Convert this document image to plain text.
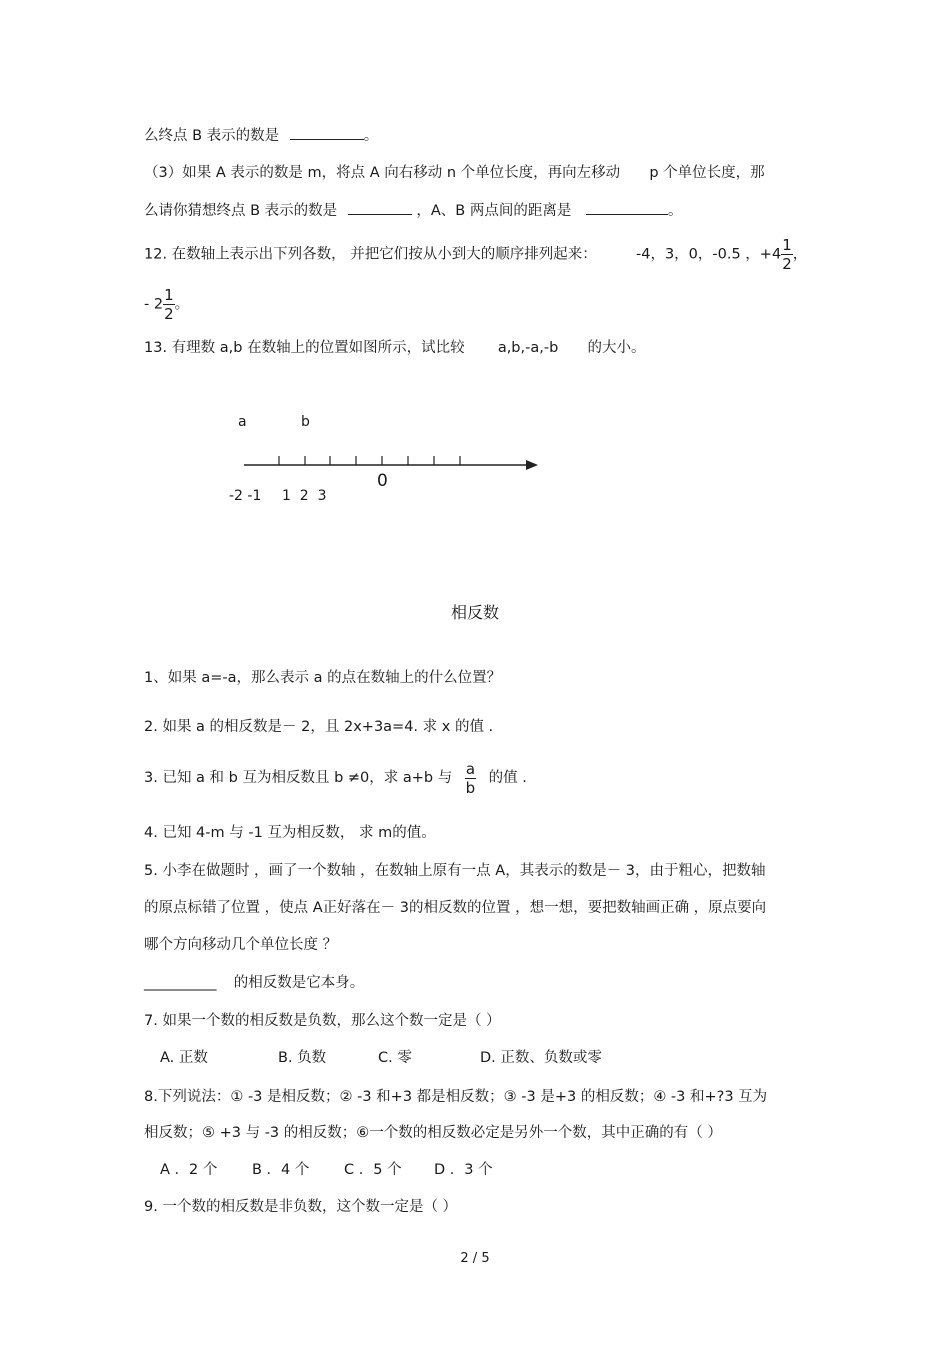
么终点 B 表示的数是	。
（3）如果 A 表示的数是 m，将点 A 向右移动 n 个单位长度，再向左移动 p 个单位长度，那
么请你猜想终点 B 表示的数是	，A、B 两点间的距离是	。
12. 在数轴上表示出下列各数， 并把它们按从小到大的顺序排列起来：	-4，3，0，-0.5 ，$+4 \frac{1}{2}$ ，
- $2 \frac{1}{2}$ 。
13. 有理数 a,b 在数轴上的位置如图所示，试比较 a,b,-a,-b 的大小。
a	b
0
-2 -1 1  2  3
相反数
1、如果 a=-a，那么表示 a 的点在数轴上的什么位置？
2. 如果 a 的相反数是－ 2，且 2x+3a=4. 求 x 的值 .
3. 已知 a 和 b 互为相反数且 b ≠0，求 a+b 与 $\frac{a}{b}$ 的值 .
4. 已知 4-m 与 -1 互为相反数， 求 m的值。
5. 小李在做题时 ，画了一个数轴 ，在数轴上原有一点 A，其表示的数是－ 3，由于粗心，把数轴
的原点标错了位置 ，使点 A正好落在－ 3的相反数的位置 ，想一想，要把数轴画正确 ，原点要向
哪个方向移动几个单位长度 ？
__________ 的相反数是它本身。
7. 如果一个数的相反数是负数，那么这个数一定是（ ）
A. 正数	B. 负数	C. 零	D. 正数、负数或零
8.下列说法：① -3 是相反数；② -3 和+3 都是相反数；③ -3 是+3 的相反数；④ -3 和+?3 互为
相反数；⑤ +3 与 -3 的相反数；⑥一个数的相反数必定是另外一个数，其中正确的有（ ）
A ．2 个 B ．4 个 C ．5 个 D ．3 个
9. 一个数的相反数是非负数，这个数一定是（ ）
2 / 5
